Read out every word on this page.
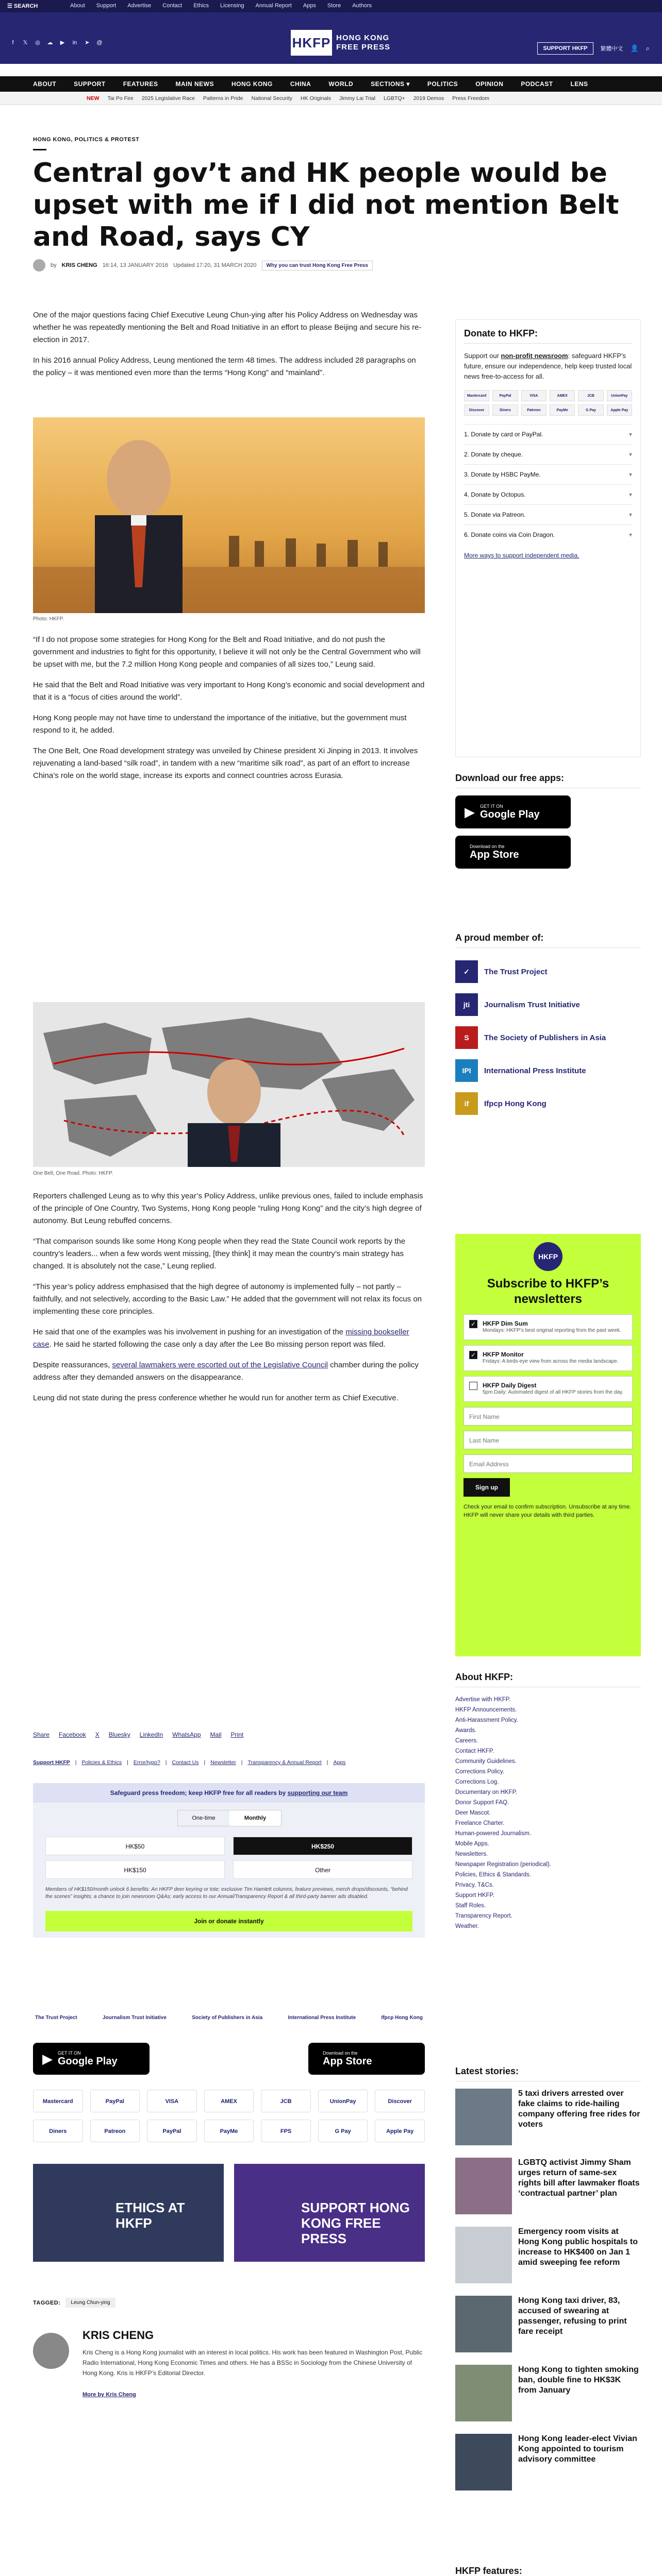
☰ SEARCH	About Support Advertise Contact Ethics Licensing Annual Report Apps Store Authors
f	𝕏 ◎ ☁ ▶ in ➤ @	HKFP HONG KONG
FREE PRESS	SUPPORT HKFP	繁體中文 👤 ⌕
ABOUT	SUPPORT	FEATURES	MAIN NEWS	HONG KONG	CHINA	WORLD	SECTIONS ▾	POLITICS	OPINION	PODCAST	LENS
NEW Tai Po Fire 2025 Legislative Race Patterns in Pride National Security HK Originals Jimmy Lai Trial LGBTQ+ 2019 Demos Press Freedom
HONG KONG, POLITICS & PROTEST
Central gov’t and HK people would be upset with me if I did not mention Belt and Road, says CY
by KRIS CHENG 16:14, 13 JANUARY 2016 Updated 17:20, 31 MARCH 2020	Why you can trust Hong Kong Free Press

One of the major questions facing Chief Executive Leung Chun-ying after his Policy Address on Wednesday was whether he was repeatedly mentioning the Belt and Road Initiative in an effort to please Beijing and secure his re-election in 2017.

In his 2016 annual Policy Address, Leung mentioned the term 48 times. The address included 28 paragraphs on the policy – it was mentioned even more than the terms “Hong Kong” and “mainland”.

Photo: HKFP.

“If I do not propose some strategies for Hong Kong for the Belt and Road Initiative, and do not push the government and industries to fight for this opportunity, I believe it will not only be the Central Government who will be upset with me, but the 7.2 million Hong Kong people and companies of all sizes too,” Leung said.

He said that the Belt and Road Initiative was very important to Hong Kong’s economic and social development and that it is a “focus of cities around the world”.

Hong Kong people may not have time to understand the importance of the initiative, but the government must respond to it, he added.

The One Belt, One Road development strategy was unveiled by Chinese president Xi Jinping in 2013. It involves rejuvenating a land-based “silk road”, in tandem with a new “maritime silk road”, as part of an effort to increase China’s role on the world stage, increase its exports and connect countries across Eurasia.

One Belt, One Road. Photo: HKFP.

Reporters challenged Leung as to why this year’s Policy Address, unlike previous ones, failed to include emphasis of the principle of One Country, Two Systems, Hong Kong people “ruling Hong Kong” and the city’s high degree of autonomy. But Leung rebuffed concerns.

“That comparison sounds like some Hong Kong people when they read the State Council work reports by the country’s leaders... when a few words went missing, [they think] it may mean the country’s main strategy has changed. It is absolutely not the case,” Leung replied.

“This year’s policy address emphasised that the high degree of autonomy is implemented fully – not partly – faithfully, and not selectively, according to the Basic Law.” He added that the government will not relax its focus on implementing these core principles.

He said that one of the examples was his involvement in pushing for an investigation of the missing bookseller case. He said he started following the case only a day after the Lee Bo missing person report was filed.

Despite reassurances, several lawmakers were escorted out of the Legislative Council chamber during the policy address after they demanded answers on the disappearance.

Leung did not state during the press conference whether he would run for another term as Chief Executive.

Share Facebook X Bluesky LinkedIn WhatsApp Mail Print
Support HKFP | Policies & Ethics | Error/typo? | Contact Us | Newsletter | Transparency & Annual Report | Apps
Safeguard press freedom; keep HKFP free for all readers by supporting our team
One-time	Monthly
HK$50	HK$250
HK$150	Other
Members of HK$150/month unlock 6 benefits: An HKFP deer keyring or tote; exclusive Tim Hamlett columns, feature previews, merch drops/discounts, “behind the scenes” insights; a chance to join newsroom Q&As; early access to our Annual/Transparency Report & all third-party banner ads disabled.
Join or donate instantly
The Trust Project	Journalism Trust Initiative	Society of Publishers in Asia	International Press Institute	Ifpcp Hong Kong
▶ GET IT ON
Google Play
Download on the
App Store
Mastercard	PayPal	VISA	AMEX	JCB	UnionPay	Discover
Diners	Patreon	PayPal	PayMe	FPS	G Pay	Apple Pay
ETHICS AT HKFP
SUPPORT HONG KONG FREE PRESS
TAGGED:	Leung Chun-ying
KRIS CHENG
Kris Cheng is a Hong Kong journalist with an interest in local politics. His work has been featured in Washington Post, Public Radio International, Hong Kong Economic Times and others. He has a BSSc in Sociology from the Chinese University of Hong Kong. Kris is HKFP’s Editorial Director.
More by Kris Cheng
Donate to HKFP:
Support our non-profit newsroom: safeguard HKFP’s future, ensure our independence, help keep trusted local news free-to-access for all.
Mastercard	PayPal	VISA	AMEX	JCB	UnionPay
Discover	Diners	Patreon	PayMe	G Pay	Apple Pay
1. Donate by card or PayPal.	▾
2. Donate by cheque.	▾
3. Donate by HSBC PayMe.	▾
4. Donate by Octopus.	▾
5. Donate via Patreon.	▾
6. Donate coins via Coin Dragon.	▾
More ways to support independent media.
Download our free apps:
▶ GET IT ON
Google Play
Download on the
App Store
A proud member of:
✓	The Trust Project
jti	Journalism Trust Initiative
S	The Society of Publishers in Asia
IPI	International Press Institute
if	Ifpcp Hong Kong
HKFP
Subscribe to HKFP’s newsletters
✓ HKFP Dim Sum
Mondays: HKFP’s best original reporting from the past week.
✓ HKFP Monitor
Fridays: A birds-eye view from across the media landscape.
HKFP Daily Digest
5pm Daily: Automated digest of all HKFP stories from the day.
First Name
Last Name
Email Address
Sign up
Check your email to confirm subscription. Unsubscribe at any time. HKFP will never share your details with third parties.
About HKFP:
Advertise with HKFP.
HKFP Announcements.
Anti-Harassment Policy.
Awards.
Careers.
Contact HKFP.
Community Guidelines.
Corrections Policy.
Corrections Log.
Documentary on HKFP.
Donor Support FAQ.
Deer Mascot.
Freelance Charter.
Human-powered Journalism.
Mobile Apps.
Newsletters.
Newspaper Registration (periodical).
Policies, Ethics & Standards.
Privacy, T&Cs.
Support HKFP.
Staff Roles.
Transparency Report.
Weather.
Latest stories:
5 taxi drivers arrested over fake claims to ride-hailing company offering free rides for voters
LGBTQ activist Jimmy Sham urges return of same-sex rights bill after lawmaker floats ‘contractual partner’ plan
Emergency room visits at Hong Kong public hospitals to increase to HK$400 on Jan 1 amid sweeping fee reform
Hong Kong taxi driver, 83, accused of swearing at passenger, refusing to print fare receipt
Hong Kong to tighten smoking ban, double fine to HK$3K from January
Hong Kong leader-elect Vivian Kong appointed to tourism advisory committee
HKFP features:
